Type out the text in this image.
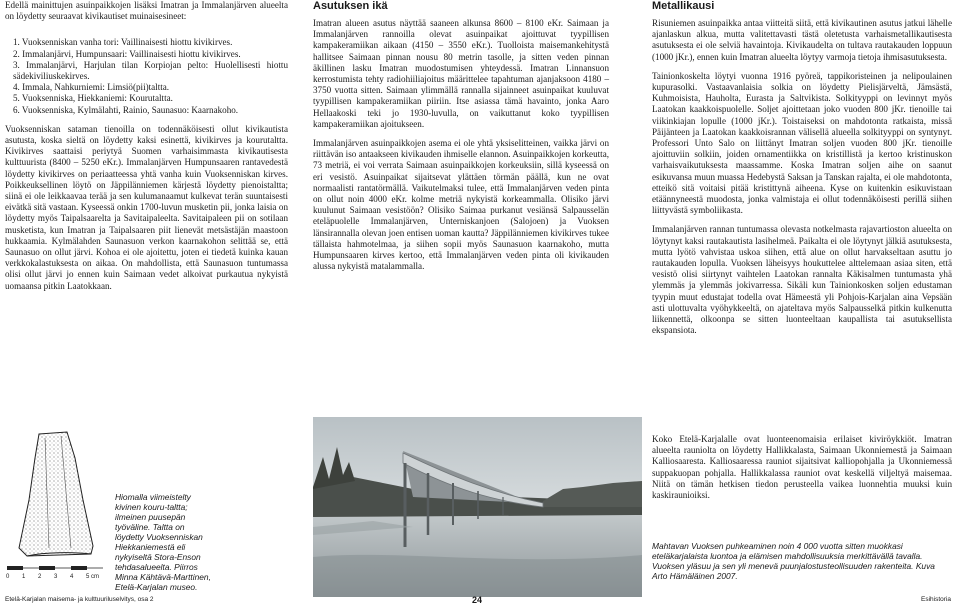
Edellä mainittujen asuinpaikkojen lisäksi Imatran ja Immalanjärven alueelta on löydetty seuraavat kivikautiset muinaisesineet:

1. Vuoksenniskan vanha tori: Vaillinaisesti hiottu kivikirves.
2. Immalanjärvi, Humpunsaari: Vaillinaisesti hiottu kivikirves.
3. Immalanjärvi, Harjulan tilan Korpiojan pelto: Huolellisesti hiottu sädekiviliuskekirves.
4. Immala, Nahkurniemi: Limsiö(pii)taltta.
5. Vuoksenniska, Hiekkaniemi: Kourutaltta.
6. Vuoksenniska, Kylmälahti, Rainio, Saunasuo: Kaarnakoho.

Vuoksenniskan sataman tienoilla on todennäköisesti ollut kivikautista asutusta, koska sieltä on löydetty kaksi esinettä, kivikirves ja kourutaltta. Kivikirves saattaisi periytyä Suomen varhaisimmasta kivikautisesta kulttuurista (8400 – 5250 eKr.). Immalanjärven Humpunsaaren rantavedestä löydetty kivikirves on periaatteessa yhtä vanha kuin Vuoksenniskan kirves. Poikkeuksellinen löytö on Jäppilänniemen kärjestä löydetty pienoistaltta; siinä ei ole leikkaavaa terää ja sen kulumanaamut kulkevat terän suuntaisesti eivätkä sitä vastaan. Kyseessä onkin 1700-luvun musketin pii, jonka laisia on löydetty myös Taipalsaarelta ja Savitaipaleelta. Savitaipaleen pii on sotilaan musketista, kun Imatran ja Taipalsaaren piit lienevät metsästäjän maastoon hukkaamia. Kylmälahden Saunasuon verkon kaarnakohon selittää se, että Saunasuo on ollut järvi. Kohoa ei ole ajoitettu, joten ei tiedetä kuinka kauan verkkokalastuksesta on aikaa. On mahdollista, että Saunasuon tuntumassa olisi ollut järvi jo ennen kuin Saimaan vedet alkoivat purkautua nykyistä uomaansa pitkin Laatokkaan.

0 1 2 3 4 5 cm
Hiomalla viimeistelty kivinen kouru-taltta; ilmeinen puusepän työväline. Taltta on löydetty Vuoksenniskan Hiekkaniemestä eli nykyiseltä Stora-Enson tehdasalueelta. Piirros Minna Kähtävä-Marttinen, Etelä-Karjalan museo.
Asutuksen ikä

Imatran alueen asutus näyttää saaneen alkunsa 8600 – 8100 eKr. Saimaan ja Immalanjärven rannoilla olevat asuinpaikat ajoittuvat tyypillisen kampakeramiikan aikaan (4150 – 3550 eKr.). Tuolloista maisemankehitystä hallitsee Saimaan pinnan nousu 80 metrin tasolle, ja sitten veden pinnan äkillinen lasku Imatran muodostumisen yhteydessä. Imatran Linnansuon kerrostumista tehty radiohiiliajoitus määrittelee tapahtuman ajanjaksoon 4180 – 3750 vuotta sitten. Saimaan ylimmällä rannalla sijainneet asuinpaikat kuuluvat tyypillisen kampakeramiikan piiriin. Itse asiassa tämä havainto, jonka Aaro Hellaakoski teki jo 1930-luvulla, on vaikuttanut koko tyypillisen kampakeramiikan ajoitukseen.

Immalanjärven asuinpaikkojen asema ei ole yhtä yksiselitteinen, vaikka järvi on riittävän iso antaakseen kivikauden ihmiselle elannon. Asuinpaikkojen korkeutta, 73 metriä, ei voi verrata Saimaan asuinpaikkojen korkeuksiin, sillä kyseessä on eri vesistö. Asuinpaikat sijaitsevat ylättäen törmän päällä, kun ne ovat normaalisti rantatörmällä. Vaikutelmaksi tulee, että Immalanjärven veden pinta on ollut noin 4000 eKr. kolme metriä nykyistä korkeammalla. Olisiko järvi kuulunut Saimaan vesistöön? Olisiko Saimaa purkanut vesiänsä Salpausselän eteläpuolelle Immalanjärven, Unterniskanjoen (Salojoen) ja Vuoksen länsirannalla olevan joen entisen uoman kautta? Jäppilänniemen kivikirves tukee tällaista hahmotelmaa, ja siihen sopii myös Saunasuon kaarnakoho, mutta Humpunsaaren kirves kertoo, että Immalanjärven veden pinta oli kivikauden alussa nykyistä matalammalla.

Metallikausi

Risuniemen asuinpaikka antaa viitteitä siitä, että kivikautinen asutus jatkui lähelle ajanlaskun alkua, mutta valitettavasti tästä oletetusta varhaismetallikautisesta asutuksesta ei ole selviä havaintoja. Kivikaudelta on tultava rautakauden loppuun (1000 jKr.), ennen kuin Imatran alueelta löytyy varmoja tietoja ihmisasutuksesta.

Tainionkoskelta löytyi vuonna 1916 pyöreä, tappikoristeinen ja nelipoulainen kupurasolki. Vastaavanlaisia solkia on löydetty Pielisjärveltä, Jämsästä, Kuhmoisista, Hauholta, Eurasta ja Saltvikista. Solkityyppi on levinnyt myös Laatokan kaakkoispuolelle. Soljet ajoittetaan joko vuoden 800 jKr. tienoille tai viikinkiajan lopulle (1000 jKr.). Toistaiseksi on mahdotonta ratkaista, missä Päijänteen ja Laatokan kaakkoisrannan välisellä alueella solkityyppi on syntynyt. Professori Unto Salo on liittänyt Imatran soljen vuoden 800 jKr. tienoille ajoittuviin solkiin, joiden ornamentiikka on kristillistä ja kertoo kristinuskon varhaisvaikutuksesta maassamme. Koska Imatran soljen aihe on saanut esikuvansa muun muassa Hedebystä Saksan ja Tanskan rajalta, ei ole mahdotonta, etteikö sitä voitaisi pitää kristittynä aiheena. Kyse on kuitenkin esikuvistaan etäännyneestä muodosta, jonka valmistaja ei ollut todennäköisesti perillä siihen liittyvästä symboliikasta.

Immalanjärven rannan tuntumassa olevasta notkelmasta rajavartioston alueelta on löytynyt kaksi rautakautista lasihelmeä. Paikalta ei ole löytynyt jälkiä asutuksesta, mutta lyötö vahvistaa uskoa siihen, että alue on ollut harvakseltaan asuttu jo rautakauden lopulla. Vuoksen läheisyys houkuttelee alttelemaan asiaa siten, että vesistö olisi siirtynyt vaihtelen Laatokan rannalta Käkisalmen tuntumasta yhä ylemmäs ja ylemmäs jokivarressa. Sikäli kun Tainionkosken soljen edustaman tyypin muut edustajat todella ovat Hämeestä yli Pohjois-Karjalan aina Vepsään asti ulottuvalta vyöhykkeeltä, on ajateltava myös Salpausselkä pitkin kulkenutta liikennettä, olkoonpa se sitten luonteeltaan kaupallista tai asutuksellista ekspansiota.

Koko Etelä-Karjalalle ovat luonteenomaisia erilaiset kiviröykkiöt. Imatran alueelta rauniolta on löydetty Hallikkalasta, Saimaan Ukonniemestä ja Saimaan Kalliosaaresta. Kalliosaaressa rauniot sijaitsivat kalliopohjalla ja Ukonniemessä suppakuopan pohjalla. Hallikkalassa rauniot ovat keskellä viljeltyä maisemaa. Niitä on tämän hetkisen tiedon perusteella vaikea luonnehtia muuksi kuin kaskiraunioiksi.

Mahtavan Vuoksen puhkeaminen noin 4 000 vuotta sitten muokkasi eteläkarjalaista luontoa ja elämisen mahdollisuuksia merkittävällä tavalla. Vuoksen yläsuu ja sen yli menevä puunjalostusteollisuuden rakenteita. Kuva Arto Hämäläinen 2007.
Etelä-Karjalan maisema- ja kulttuuriluselvitys, osa 2	24	Esihistoria
